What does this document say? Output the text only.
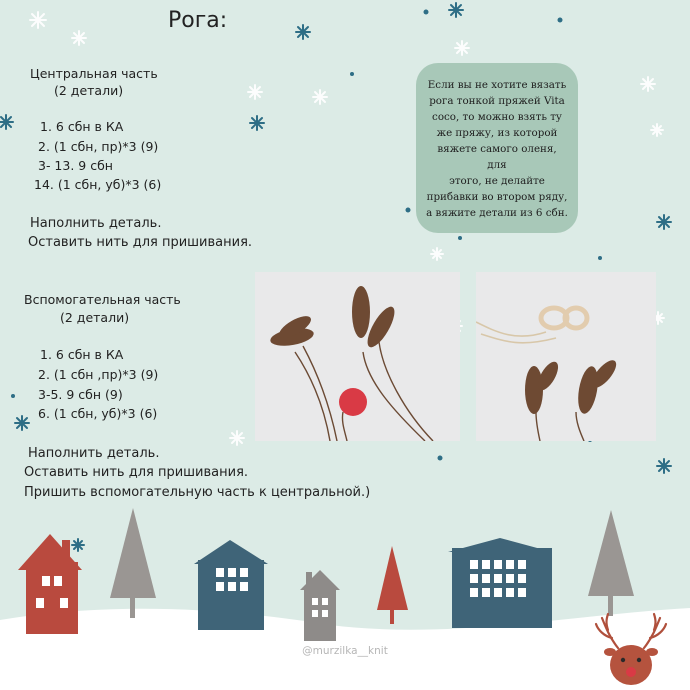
Рога:
Центральная часть
(2 детали)
1. 6 сбн в КА
2. (1 сбн, пр)*3 (9)
3- 13. 9 сбн
14. (1 сбн, уб)*3 (6)
Наполнить деталь.
Оставить нить для пришивания.
Если вы не хотите вязать
рога тонкой пряжей Vita
coco, то можно взять ту
же пряжу, из которой
вяжете самого оленя, для
этого, не делайте
прибавки во втором ряду,
а вяжите детали из 6 сбн.
Вспомогательная часть
(2 детали)
1. 6 сбн в КА
2. (1 сбн ,пр)*3 (9)
3-5. 9 сбн (9)
6. (1 сбн, уб)*3 (6)
Наполнить деталь.
Оставить нить для пришивания.
Пришить вспомогательную часть к центральной.)
@murzilka__knit
